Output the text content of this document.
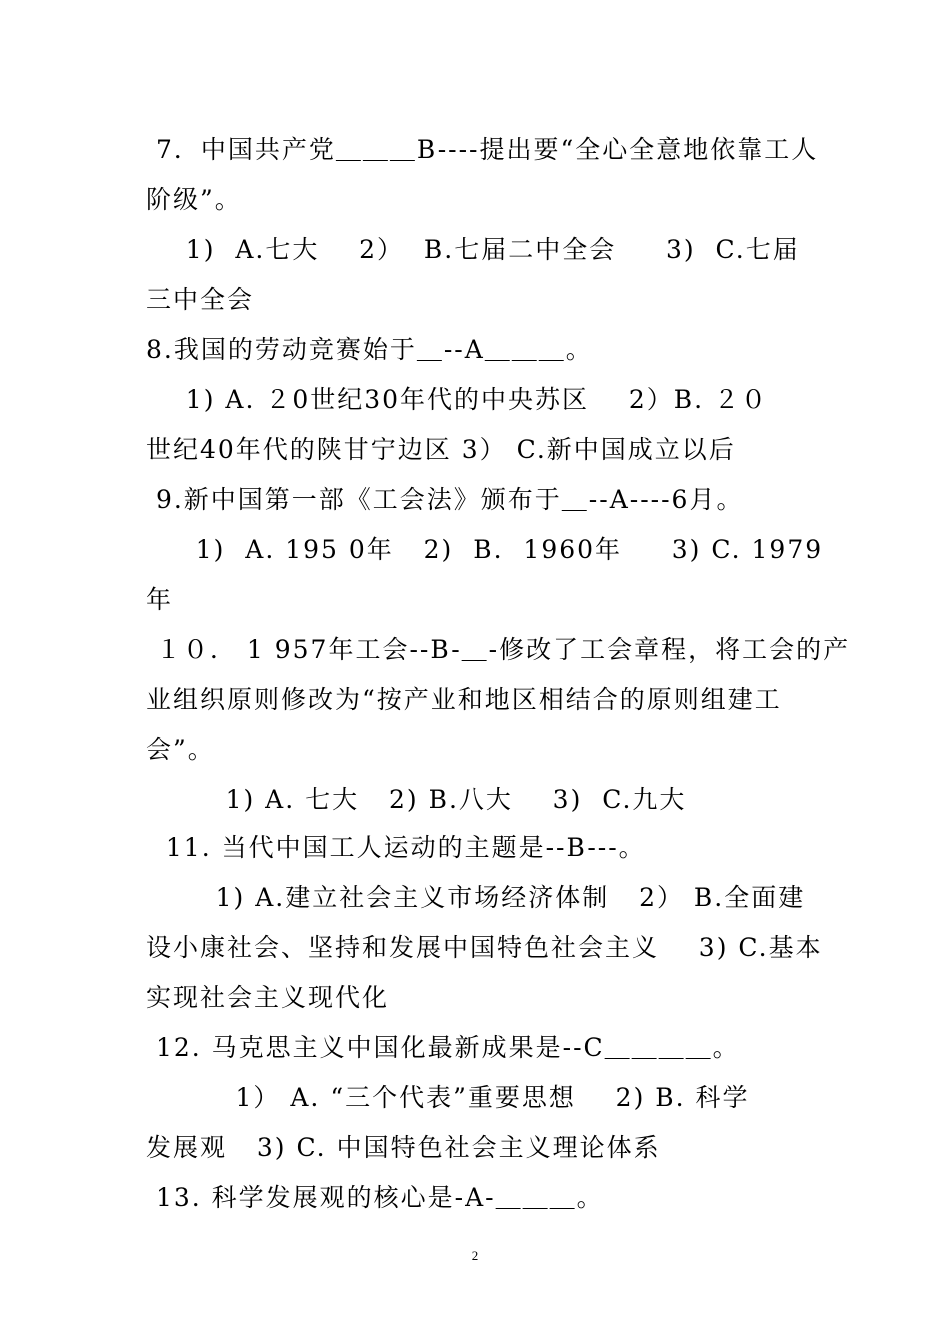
7．中国共产党＿＿＿B----提出要“全心全意地依靠工人
阶级”。
1)  A.七大    2）  B.七届二中全会     3)  C.七届
三中全会
8.我国的劳动竞赛始于＿--A＿＿＿。
1) A. ２0世纪30年代的中央苏区    2）B. ２０
世纪40年代的陕甘宁边区 3） C.新中国成立以后
9.新中国第一部《工会法》颁布于＿--A----6月。
1)  A. 195 0年   2)  B.  1960年     3) C. 1979
年
１０． 1 957年工会--B-＿-修改了工会章程，将工会的产
业组织原则修改为“按产业和地区相结合的原则组建工
会”。
1) A. 七大   2) B.八大    3)  C.九大
11. 当代中国工人运动的主题是--B---。
1) A.建立社会主义市场经济体制   2） B.全面建
设小康社会、坚持和发展中国特色社会主义    3) C.基本
实现社会主义现代化
12. 马克思主义中国化最新成果是--C＿＿＿＿。
1） A. “三个代表”重要思想    2) B. 科学
发展观   3) C. 中国特色社会主义理论体系
13. 科学发展观的核心是-A-＿＿＿。
2
